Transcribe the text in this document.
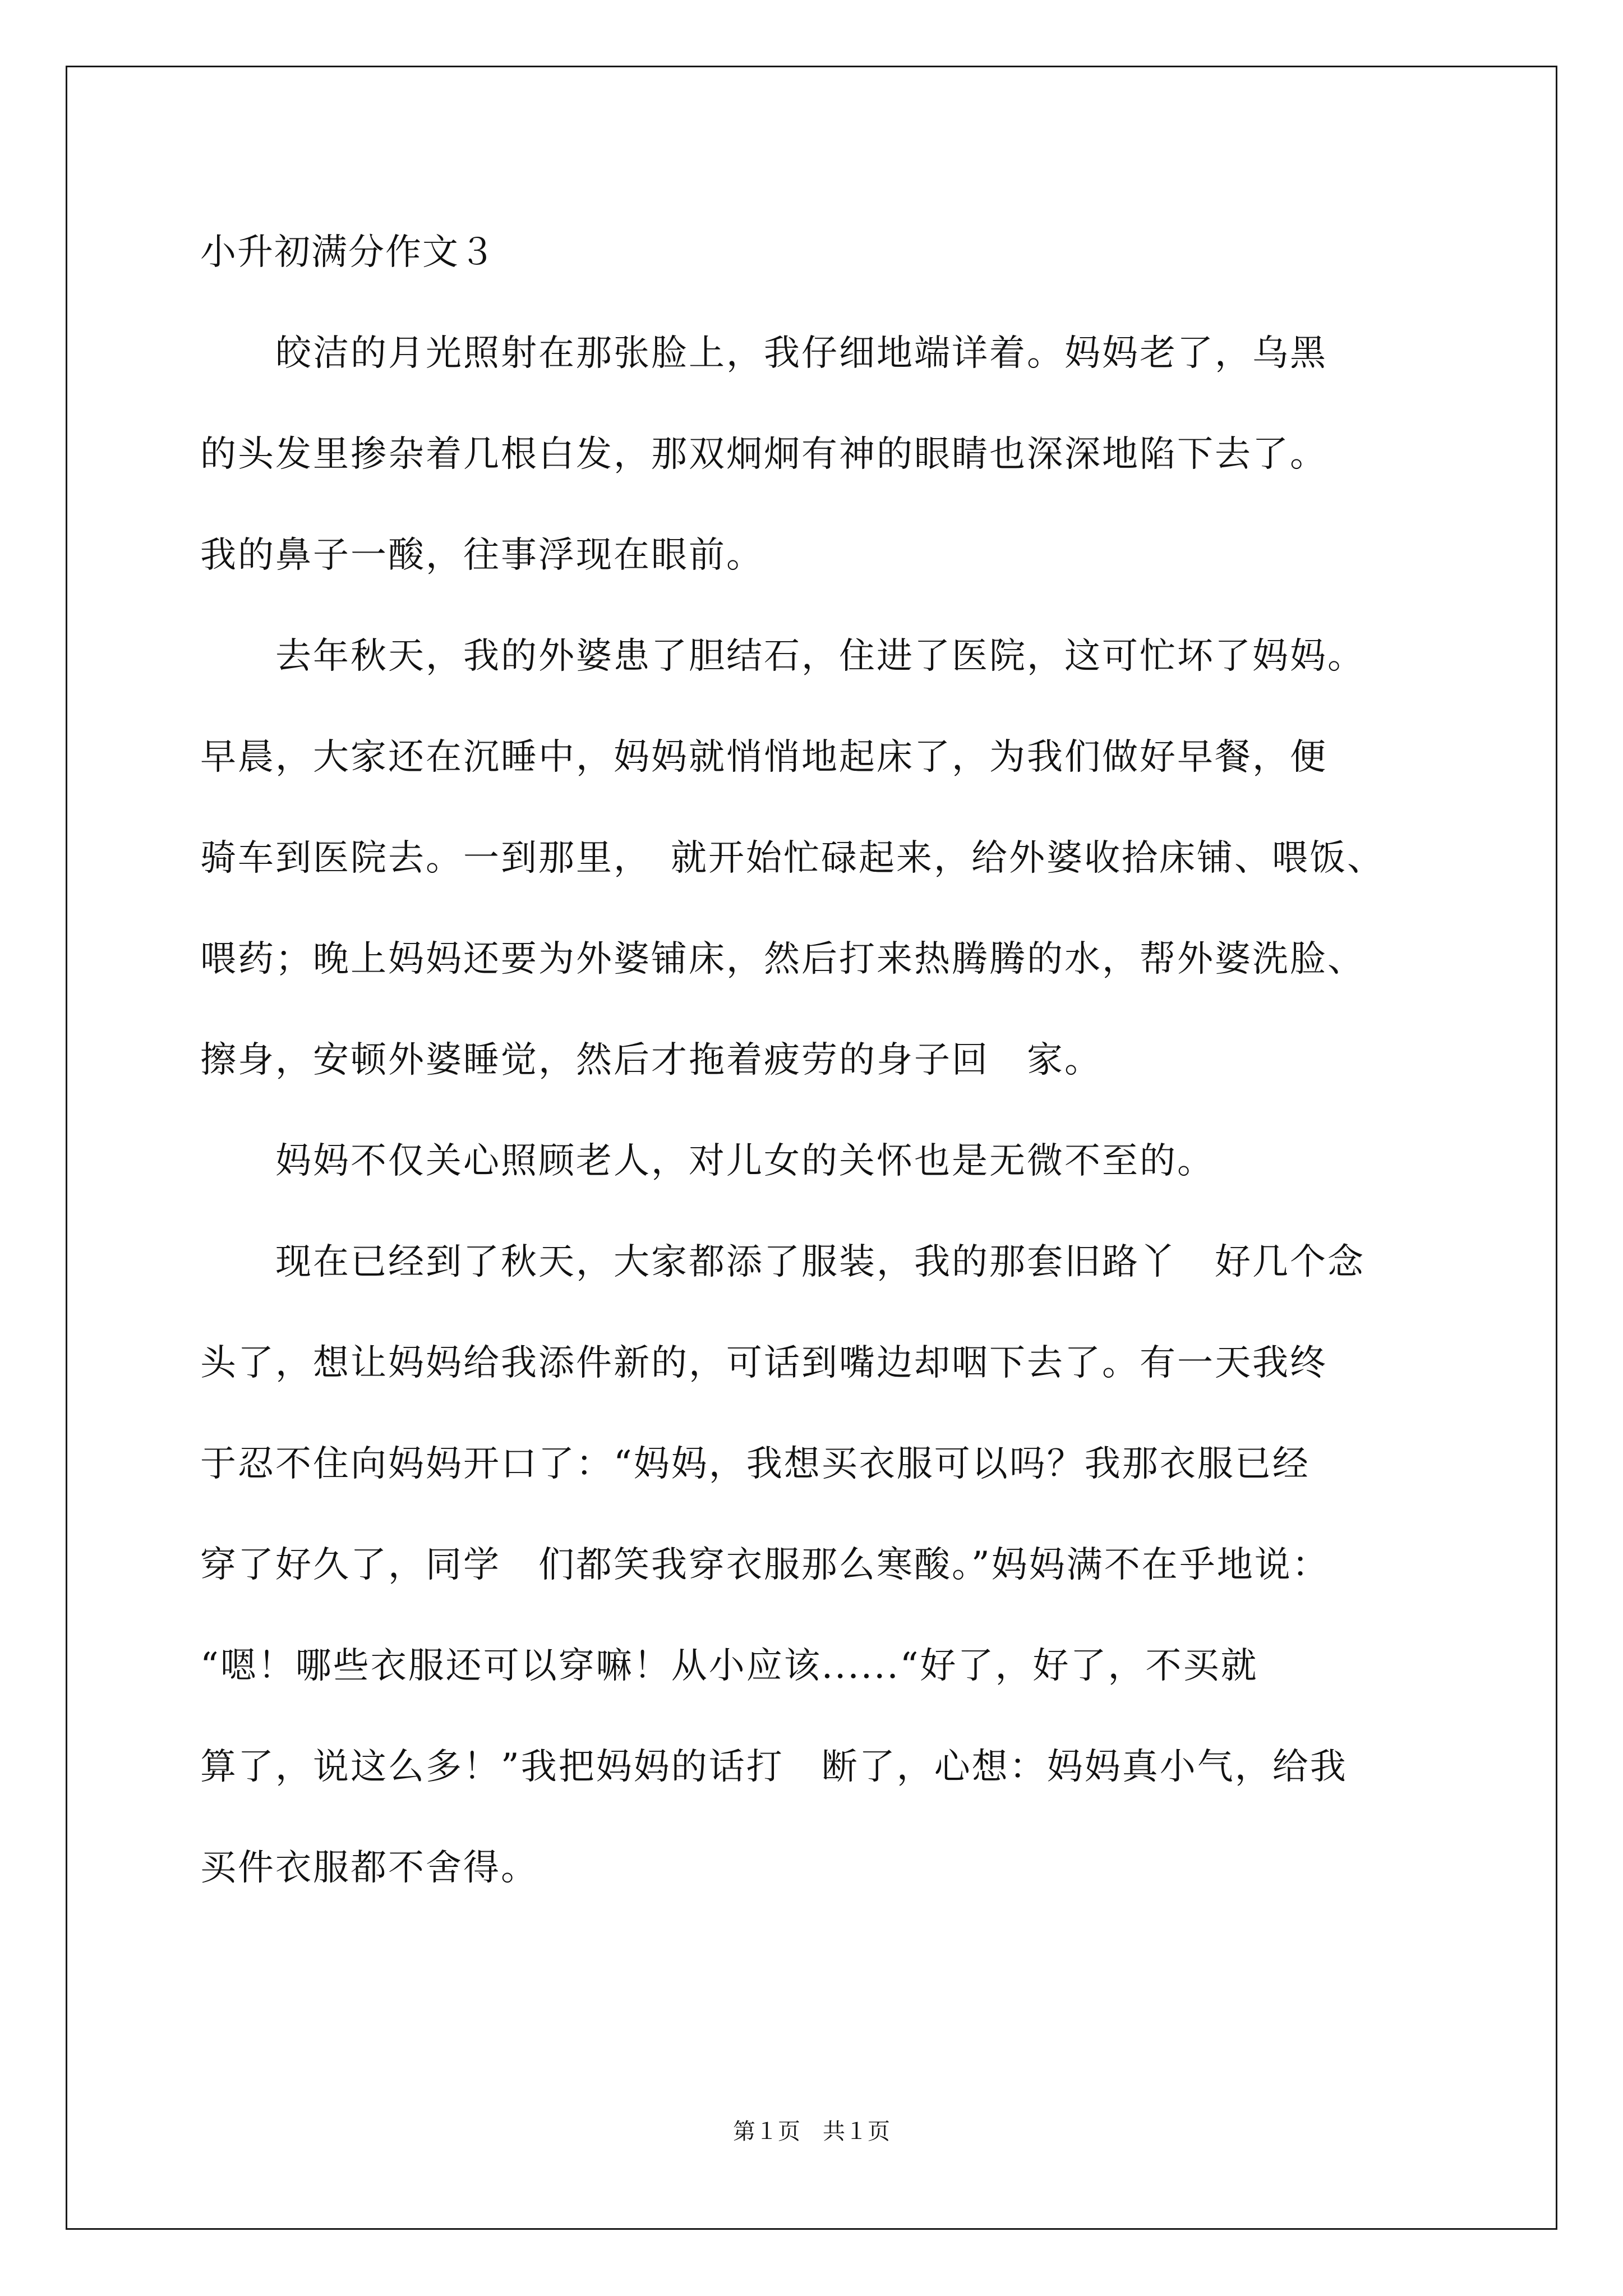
小升初满分作文３
　　皎洁的月光照射在那张脸上，我仔细地端详着。妈妈老了，乌黑
的头发里掺杂着几根白发，那双炯炯有神的眼睛也深深地陷下去了。
我的鼻子一酸，往事浮现在眼前。
　　去年秋天，我的外婆患了胆结石，住进了医院，这可忙坏了妈妈。
早晨，大家还在沉睡中，妈妈就悄悄地起床了，为我们做好早餐，便
骑车到医院去。一到那里，　就开始忙碌起来，给外婆收拾床铺、喂饭、
喂药；晚上妈妈还要为外婆铺床，然后打来热腾腾的水，帮外婆洗脸、
擦身，安顿外婆睡觉，然后才拖着疲劳的身子回　家。
　　妈妈不仅关心照顾老人，对儿女的关怀也是无微不至的。
　　现在已经到了秋天，大家都添了服装，我的那套旧路丫　好几个念
头了，想让妈妈给我添件新的，可话到嘴边却咽下去了。有一天我终
于忍不住向妈妈开口了：“妈妈，我想买衣服可以吗？我那衣服已经
穿了好久了，同学　们都笑我穿衣服那么寒酸。”妈妈满不在乎地说：
“嗯！哪些衣服还可以穿嘛！从小应该......“好了，好了，不买就
算了，说这么多！”我把妈妈的话打　断了，心想：妈妈真小气，给我
买件衣服都不舍得。
第１页　共１页
